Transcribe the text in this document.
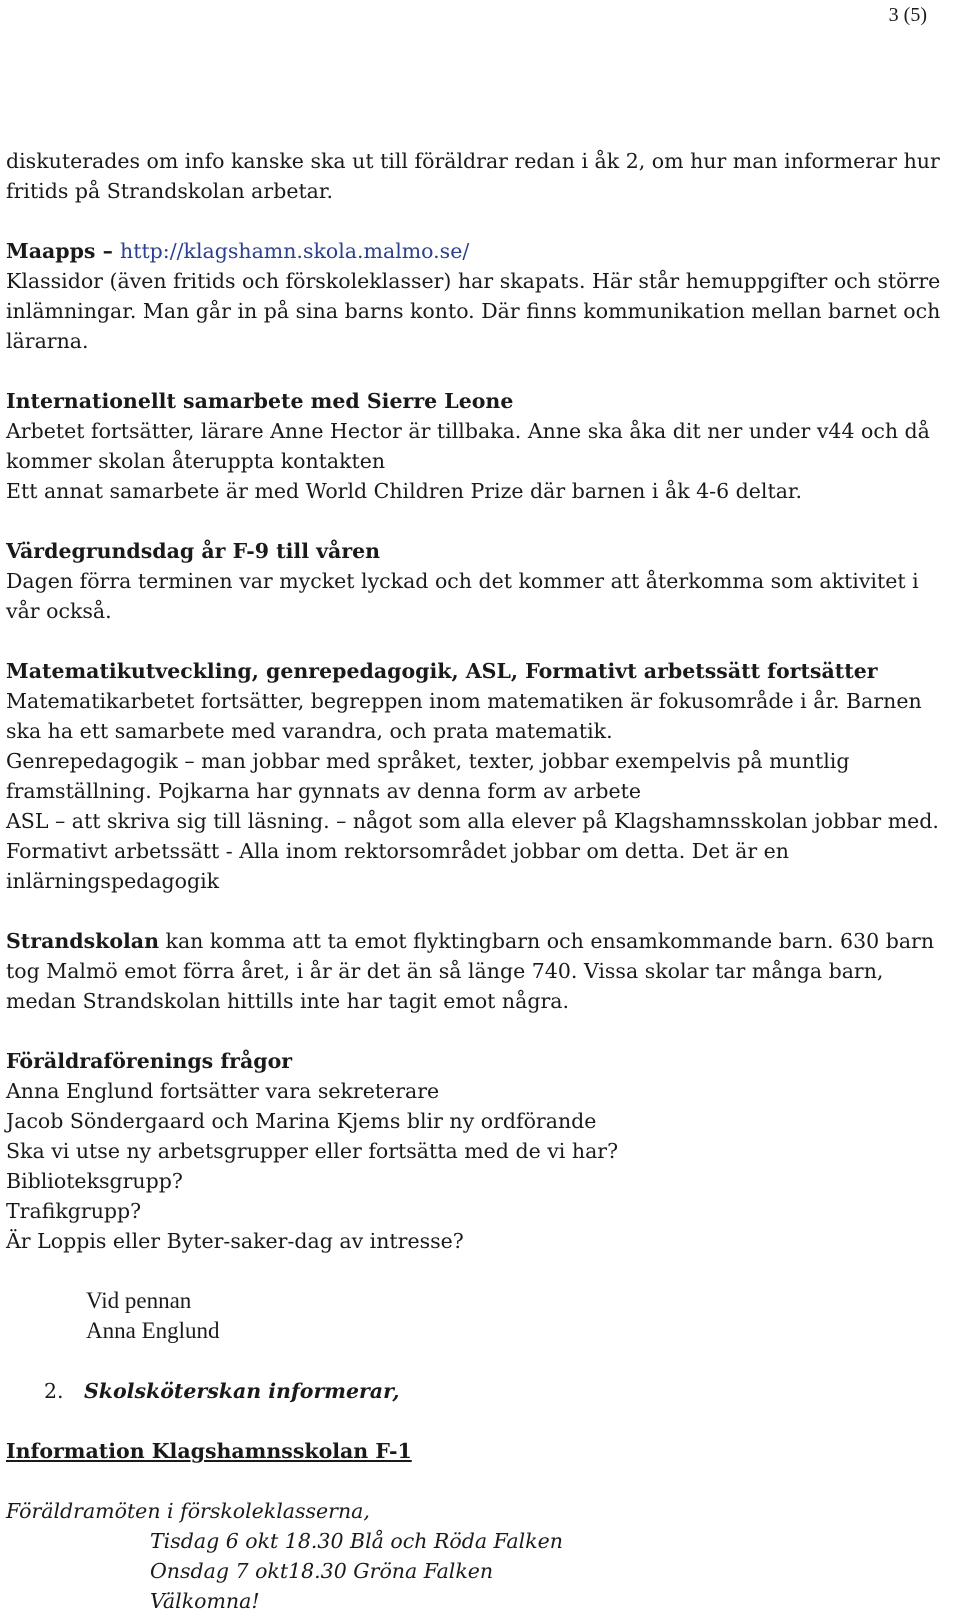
3 (5)

diskuterades om info kanske ska ut till föräldrar redan i åk 2, om hur man informerar hur fritids på Strandskolan arbetar.

Maapps – http://klagshamn.skola.malmo.se/

Klassidor (även fritids och förskoleklasser) har skapats. Här står hemuppgifter och större inlämningar. Man går in på sina barns konto. Där finns kommunikation mellan barnet och lärarna.

Internationellt samarbete med Sierre Leone

Arbetet fortsätter, lärare Anne Hector är tillbaka. Anne ska åka dit ner under v44 och då kommer skolan återuppta kontakten

Ett annat samarbete är med World Children Prize där barnen i åk 4-6 deltar.

Värdegrundsdag år F-9 till våren

Dagen förra terminen var mycket lyckad och det kommer att återkomma som aktivitet i vår också.

Matematikutveckling, genrepedagogik, ASL, Formativt arbetssätt fortsätter

Matematikarbetet fortsätter, begreppen inom matematiken är fokusområde i år. Barnen ska ha ett samarbete med varandra, och prata matematik.

Genrepedagogik – man jobbar med språket, texter, jobbar exempelvis på muntlig framställning. Pojkarna har gynnats av denna form av arbete

ASL – att skriva sig till läsning. – något som alla elever på Klagshamnsskolan jobbar med.

Formativt arbetssätt - Alla inom rektorsområdet jobbar om detta. Det är en inlärningspedagogik

Strandskolan kan komma att ta emot flyktingbarn och ensamkommande barn. 630 barn tog Malmö emot förra året, i år är det än så länge 740. Vissa skolar tar många barn, medan Strandskolan hittills inte har tagit emot några.

Föräldraförenings frågor

Anna Englund fortsätter vara sekreterare

Jacob Söndergaard och Marina Kjems blir ny ordförande

Ska vi utse ny arbetsgrupper eller fortsätta med de vi har?

Biblioteksgrupp?

Trafikgrupp?

Är Loppis eller Byter-saker-dag av intresse?

Vid pennan

Anna Englund

2. Skolsköterskan informerar,

Information Klagshamnsskolan F-1

Föräldramöten i förskoleklasserna,

Tisdag 6 okt 18.30 Blå och Röda Falken

Onsdag 7 okt18.30 Gröna Falken

Välkomna!
